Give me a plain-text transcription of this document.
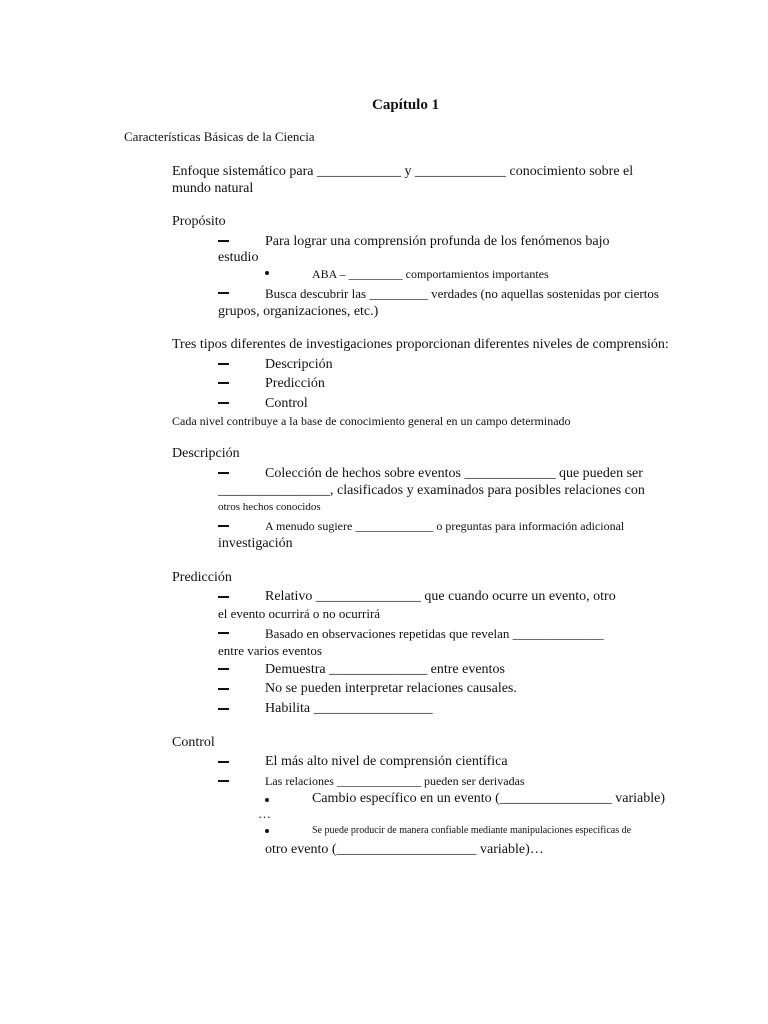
Capítulo 1
Características Básicas de la Ciencia
Enfoque sistemático para ____________ y _____________ conocimiento sobre el
mundo natural
Propósito
Para lograr una comprensión profunda de los fenómenos bajo
estudio
ABA – _________ comportamientos importantes
Busca descubrir las _________ verdades (no aquellas sostenidas por ciertos
grupos, organizaciones, etc.)
Tres tipos diferentes de investigaciones proporcionan diferentes niveles de comprensión:
Descripción
Predicción
Control
Cada nivel contribuye a la base de conocimiento general en un campo determinado
Descripción
Colección de hechos sobre eventos _____________ que pueden ser
________________, clasificados y examinados para posibles relaciones con
otros hechos conocidos
A menudo sugiere _____________ o preguntas para información adicional
investigación
Predicción
Relativo _______________ que cuando ocurre un evento, otro
el evento ocurrirá o no ocurrirá
Basado en observaciones repetidas que revelan ______________
entre varios eventos
Demuestra ______________ entre eventos
No se pueden interpretar relaciones causales.
Habilita _________________
Control
El más alto nivel de comprensión científica
Las relaciones ______________ pueden ser derivadas
Cambio específico en un evento (________________ variable)
…
Se puede producir de manera confiable mediante manipulaciones específicas de
otro evento (____________________ variable)…
